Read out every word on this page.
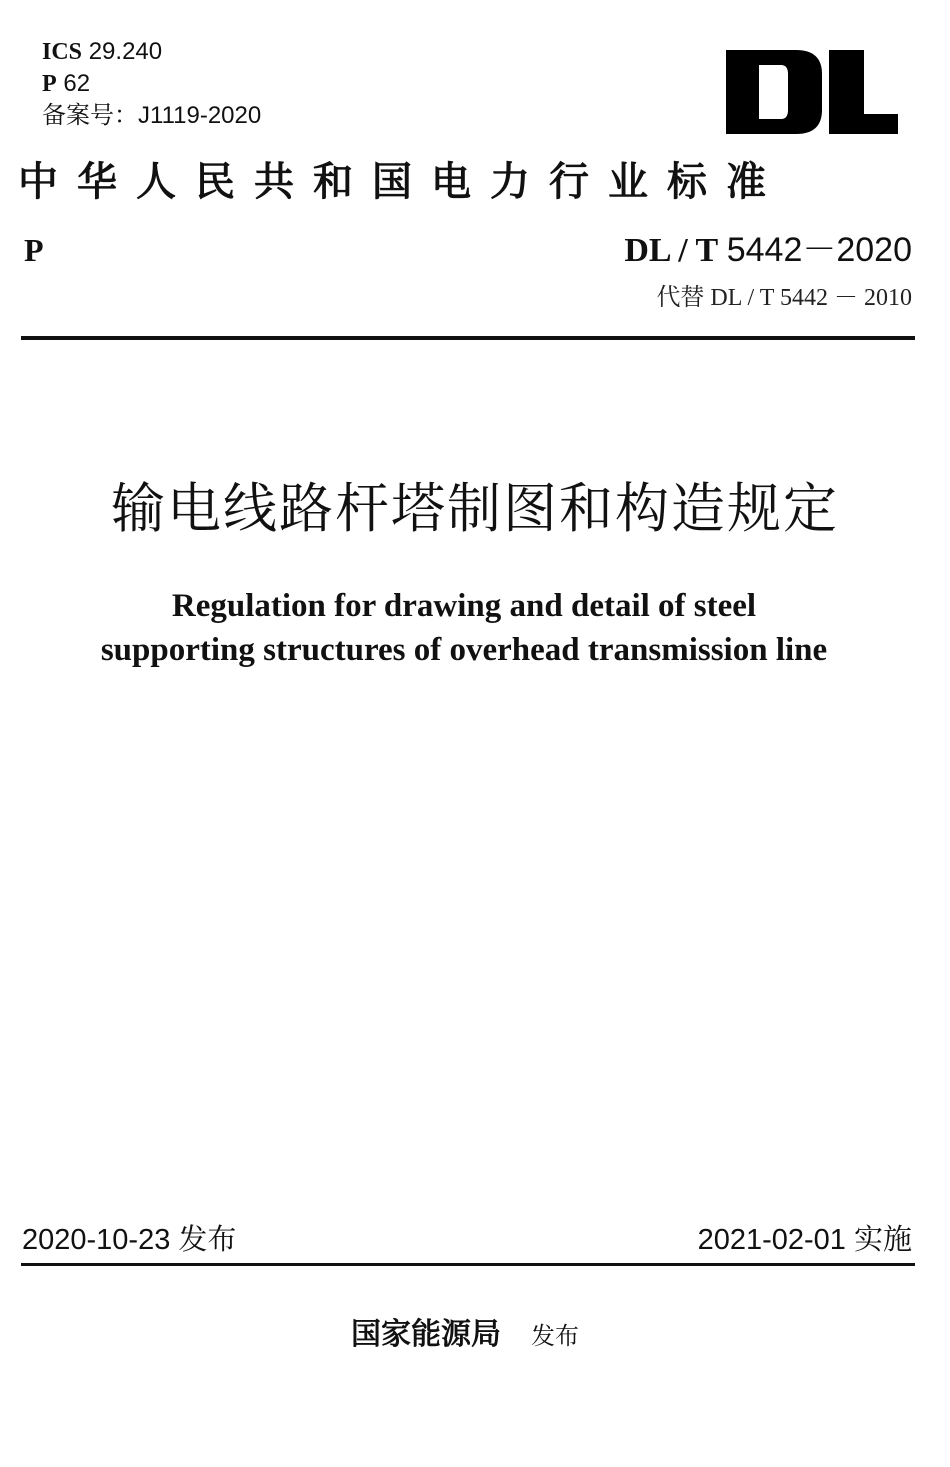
ICS 29.240
P 62
备案号：J1119-2020
中华人民共和国电力行业标准
P	DL / T 5442－2020
代替 DL / T 5442 － 2010
输电线路杆塔制图和构造规定
Regulation for drawing and detail of steel
supporting structures of overhead transmission line
2020-10-23 发布	2021-02-01 实施
国家能源局 发布
